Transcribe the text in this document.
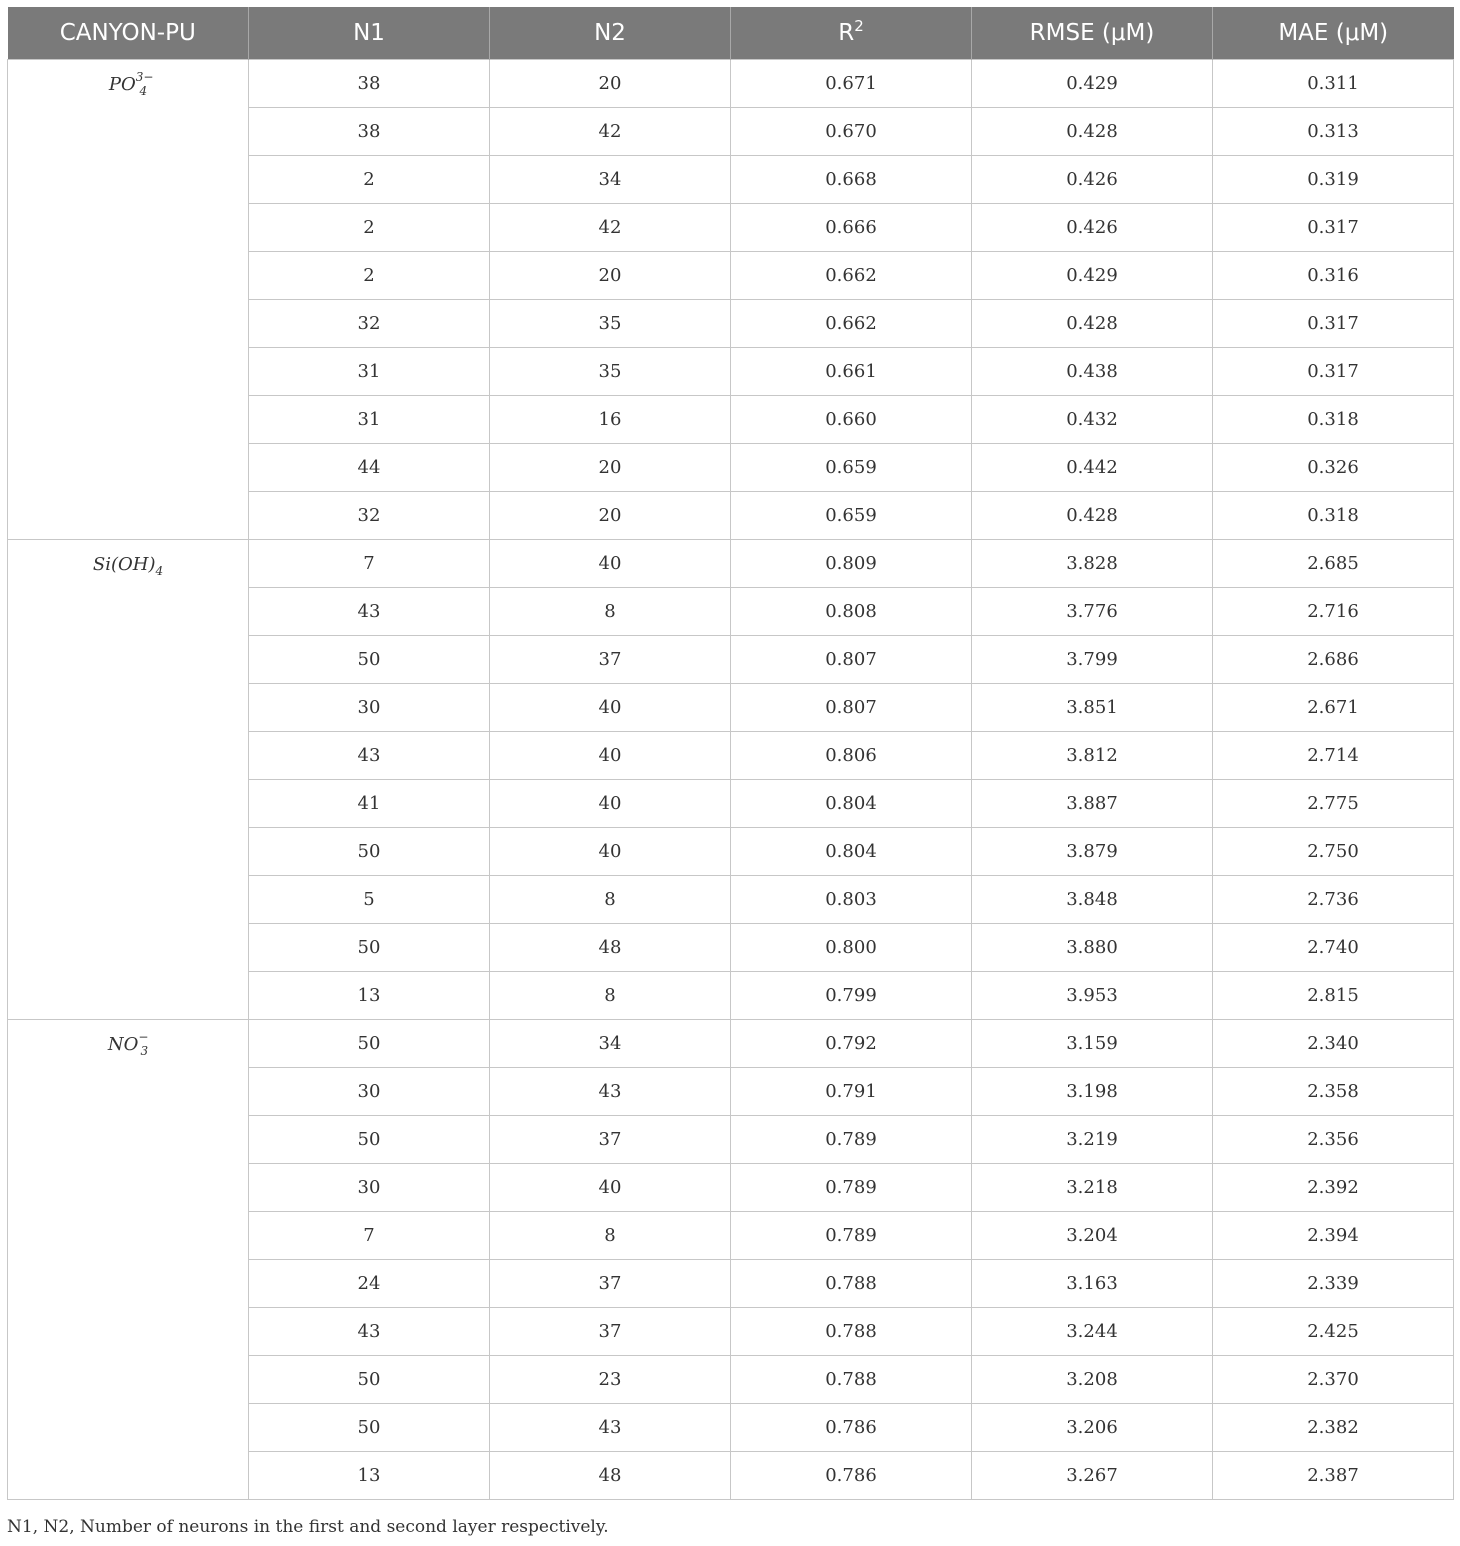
CANYON-PU	N1	N2	$R^2$	RMSE (μM)	MAE (μM)
$PO^{3-}_4$	38	20	0.671	0.429	0.311
	38	42	0.670	0.428	0.313
	2	34	0.668	0.426	0.319
	2	42	0.666	0.426	0.317
	2	20	0.662	0.429	0.316
	32	35	0.662	0.428	0.317
	31	35	0.661	0.438	0.317
	31	16	0.660	0.432	0.318
	44	20	0.659	0.442	0.326
	32	20	0.659	0.428	0.318
$Si(OH)_4$	7	40	0.809	3.828	2.685
	43	8	0.808	3.776	2.716
	50	37	0.807	3.799	2.686
	30	40	0.807	3.851	2.671
	43	40	0.806	3.812	2.714
	41	40	0.804	3.887	2.775
	50	40	0.804	3.879	2.750
	5	8	0.803	3.848	2.736
	50	48	0.800	3.880	2.740
	13	8	0.799	3.953	2.815
$NO^-_3$	50	34	0.792	3.159	2.340
	30	43	0.791	3.198	2.358
	50	37	0.789	3.219	2.356
	30	40	0.789	3.218	2.392
	7	8	0.789	3.204	2.394
	24	37	0.788	3.163	2.339
	43	37	0.788	3.244	2.425
	50	23	0.788	3.208	2.370
	50	43	0.786	3.206	2.382
	13	48	0.786	3.267	2.387
N1, N2, Number of neurons in the first and second layer respectively.
